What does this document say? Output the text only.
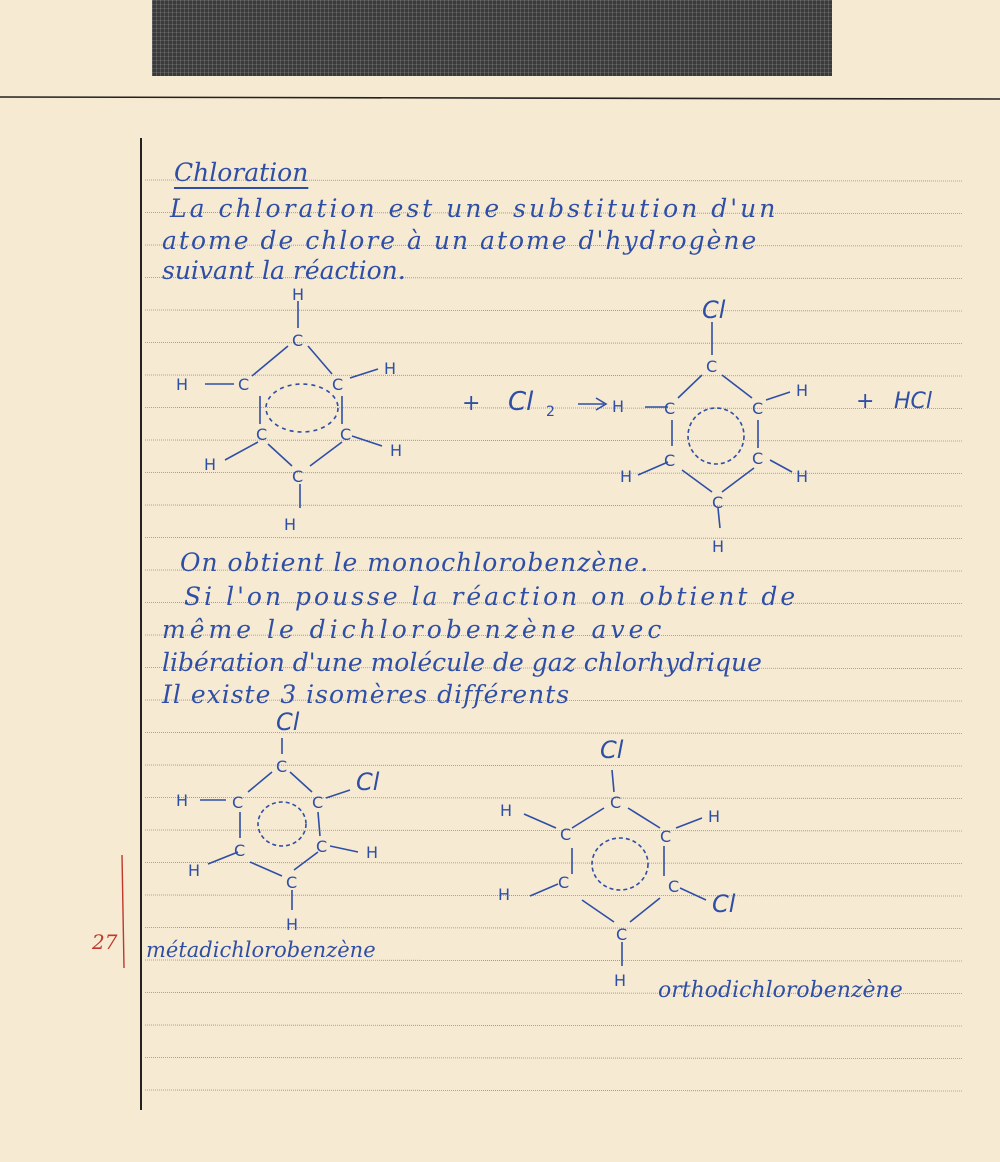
Chloration
La chloration est une substitution d'un
atome de chlore à un atome d'hydrogène
suivant la réaction.
H
C
H	C	C
H
C	C
H
H
C
H
+ Cl 2 →.
Cl
C
H C	C
H
C	C
H	H
C
H
+ HCl
On obtient le monochlorobenzène.
Si l'on pousse la réaction on obtient de
même le dichlorobenzène avec
libération d'une molécule de gaz chlorhydrique
Il existe 3 isomères différents
Cl
C
H	C	C
Cl
C	C H
H
C
H
Cl
C
H
C	C
H
C	C
Cl
H
C
H
métadichlorobenzène
orthodichlorobenzène
27
